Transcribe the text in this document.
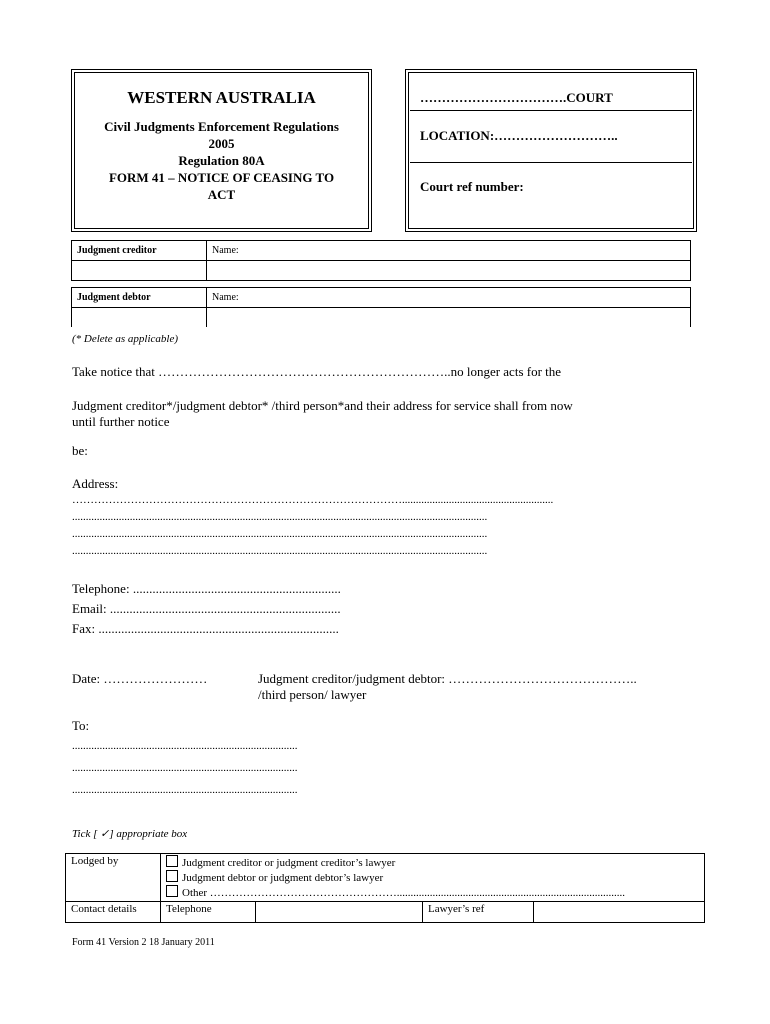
WESTERN AUSTRALIA
Civil Judgments Enforcement Regulations
2005
Regulation 80A
FORM 41 – NOTICE OF CEASING TO
ACT
…………………………….COURT
LOCATION:………………………..
Court ref number:
Judgment creditor	Name:

Judgment debtor	Name:

(* Delete as applicable)
Take notice that …………………………………………………………..no longer acts for the
Judgment creditor*/judgment debtor* /third person*and their address for service shall from now
until further notice
be:
Address:
……………………………………………………………………………….......................................................
.......................................................................................................................................................
.......................................................................................................................................................
.......................................................................................................................................................
Telephone: ................................................................
Email: .......................................................................
Fax: ..........................................................................
Date: ……………………	Judgment creditor/judgment debtor: ……………………………………..
/third person/ lawyer
To:
..................................................................................
..................................................................................
..................................................................................
Tick [ ✓] appropriate box
Lodged by	Judgment creditor or judgment creditor’s lawyer
Judgment debtor or judgment debtor’s lawyer
Other ……………………………………………...................................................................................			

Contact details	Telephone		Lawyer’s ref	
Form 41 Version 2 18 January 2011
